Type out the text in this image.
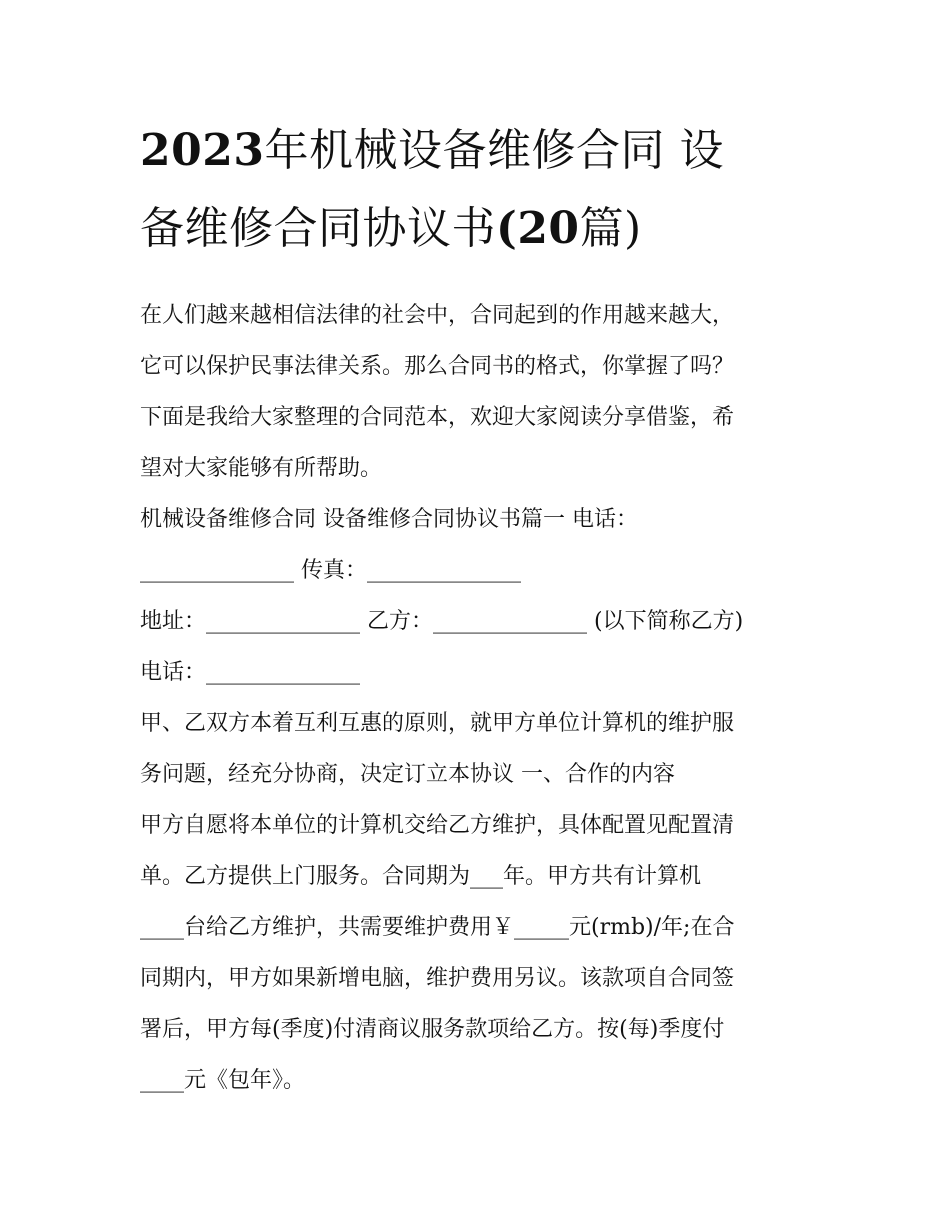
2023年机械设备维修合同 设
备维修合同协议书(20篇)

在人们越来越相信法律的社会中，合同起到的作用越来越大，
它可以保护民事法律关系。那么合同书的格式，你掌握了吗？
下面是我给大家整理的合同范本，欢迎大家阅读分享借鉴，希
望对大家能够有所帮助。

机械设备维修合同 设备维修合同协议书篇一 电话：
______________ 传真：______________

地址：______________ 乙方：______________ (以下简称乙方)
电话：______________

甲、乙双方本着互利互惠的原则，就甲方单位计算机的维护服
务问题，经充分协商，决定订立本协议 一、合作的内容

甲方自愿将本单位的计算机交给乙方维护，具体配置见配置清
单。乙方提供上门服务。合同期为___年。甲方共有计算机
____台给乙方维护，共需要维护费用￥_____元(rmb)/年;在合
同期内，甲方如果新增电脑，维护费用另议。该款项自合同签
署后，甲方每(季度)付清商议服务款项给乙方。按(每)季度付
____元《包年》。
